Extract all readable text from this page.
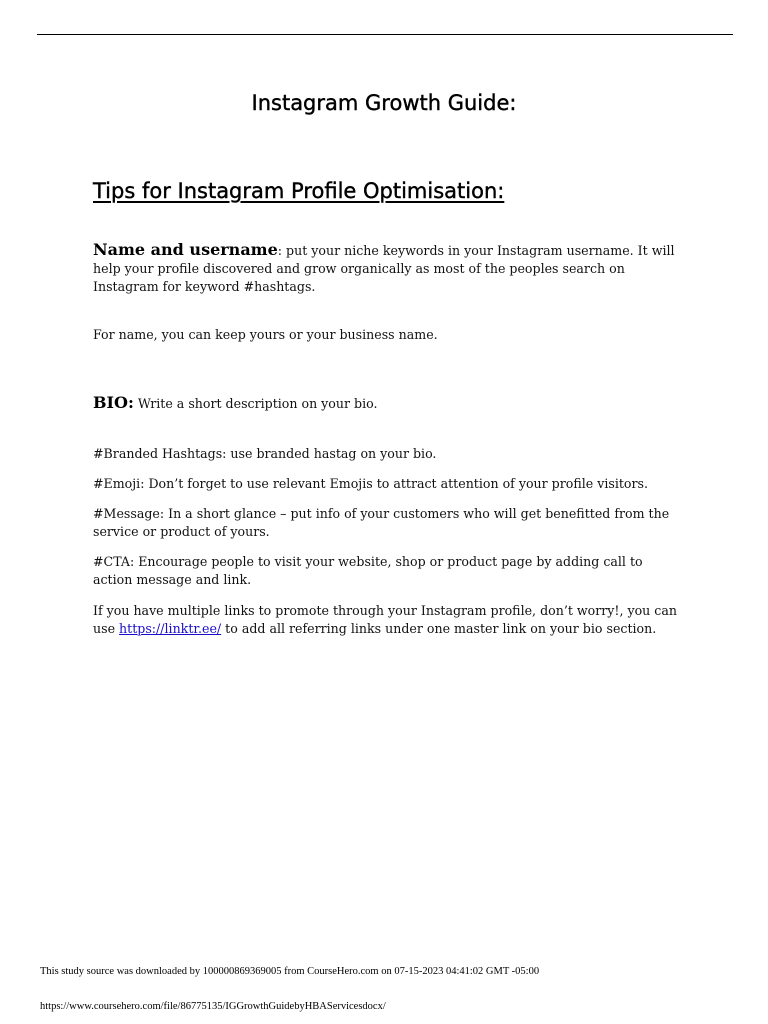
Instagram Growth Guide:
Tips for Instagram Profile Optimisation:
Name and username: put your niche keywords in your Instagram username. It will help your profile discovered and grow organically as most of the peoples search on Instagram for keyword #hashtags.
For name, you can keep yours or your business name.
BIO: Write a short description on your bio.
#Branded Hashtags: use branded hastag on your bio.
#Emoji: Don’t forget to use relevant Emojis to attract attention of your profile visitors.
#Message: In a short glance – put info of your customers who will get benefitted from the service or product of yours.
#CTA: Encourage people to visit your website, shop or product page by adding call to action message and link.
If you have multiple links to promote through your Instagram profile, don’t worry!, you can use https://linktr.ee/ to add all referring links under one master link on your bio section.
This study source was downloaded by 100000869369005 from CourseHero.com on 07-15-2023 04:41:02 GMT -05:00
https://www.coursehero.com/file/86775135/IGGrowthGuidebyHBAServicesdocx/
